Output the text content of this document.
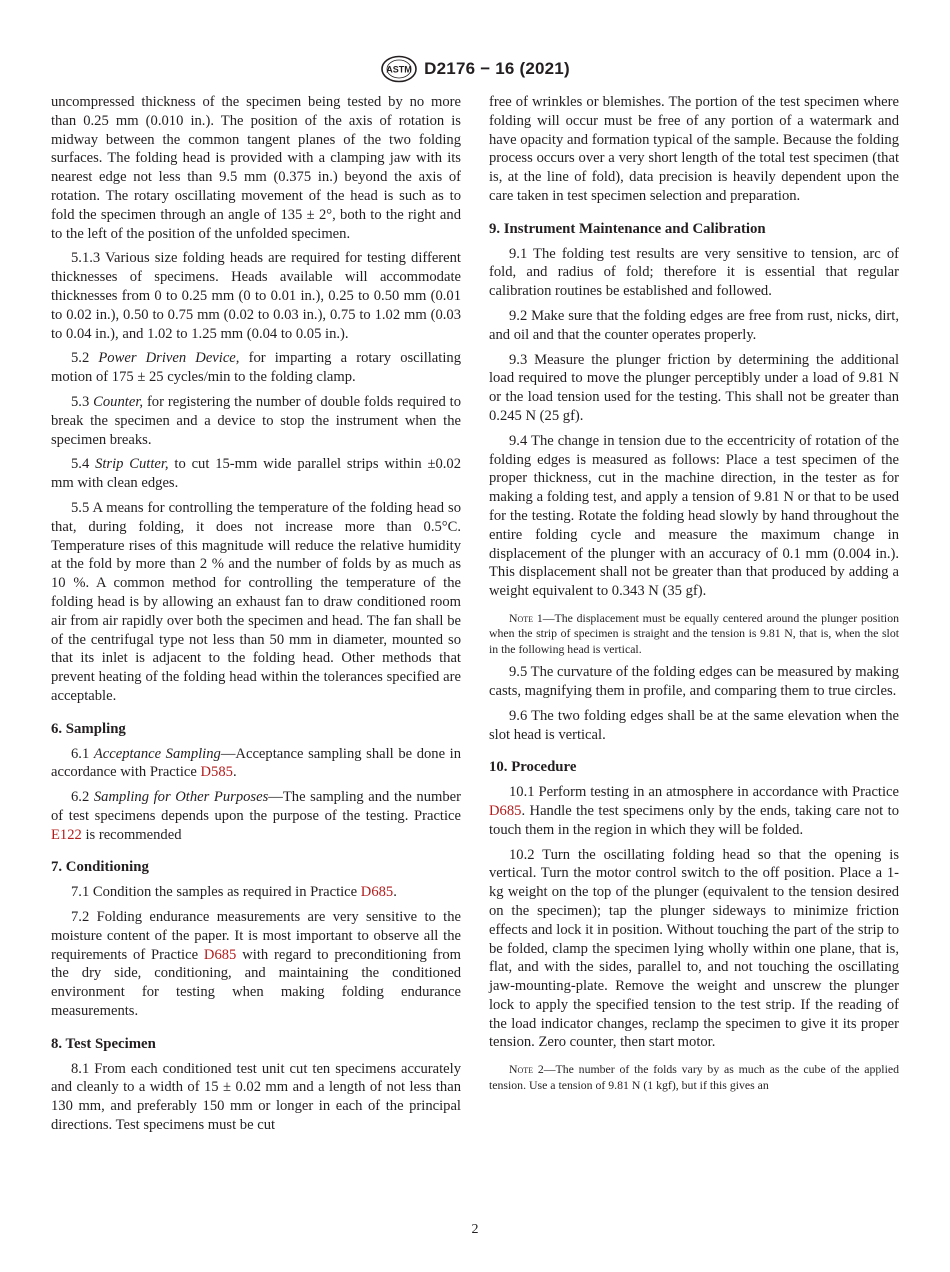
ASTM D2176 − 16 (2021)

uncompressed thickness of the specimen being tested by no more than 0.25 mm (0.010 in.). The position of the axis of rotation is midway between the common tangent planes of the two folding surfaces. The folding head is provided with a clamping jaw with its nearest edge not less than 9.5 mm (0.375 in.) beyond the axis of rotation. The rotary oscillating movement of the head is such as to fold the specimen through an angle of 135 ± 2°, both to the right and to the left of the position of the unfolded specimen.

5.1.3 Various size folding heads are required for testing different thicknesses of specimens. Heads available will accommodate thicknesses from 0 to 0.25 mm (0 to 0.01 in.), 0.25 to 0.50 mm (0.01 to 0.02 in.), 0.50 to 0.75 mm (0.02 to 0.03 in.), 0.75 to 1.02 mm (0.03 to 0.04 in.), and 1.02 to 1.25 mm (0.04 to 0.05 in.).

5.2 Power Driven Device, for imparting a rotary oscillating motion of 175 ± 25 cycles/min to the folding clamp.

5.3 Counter, for registering the number of double folds required to break the specimen and a device to stop the instrument when the specimen breaks.

5.4 Strip Cutter, to cut 15-mm wide parallel strips within ±0.02 mm with clean edges.

5.5 A means for controlling the temperature of the folding head so that, during folding, it does not increase more than 0.5°C. Temperature rises of this magnitude will reduce the relative humidity at the fold by more than 2 % and the number of folds by as much as 10 %. A common method for controlling the temperature of the folding head is by allowing an exhaust fan to draw conditioned room air from air rapidly over both the specimen and head. The fan shall be of the centrifugal type not less than 50 mm in diameter, mounted so that its inlet is adjacent to the folding head. Other methods that prevent heating of the folding head within the tolerances specified are acceptable.

6. Sampling

6.1 Acceptance Sampling—Acceptance sampling shall be done in accordance with Practice D585.

6.2 Sampling for Other Purposes—The sampling and the number of test specimens depends upon the purpose of the testing. Practice E122 is recommended

7. Conditioning

7.1 Condition the samples as required in Practice D685.

7.2 Folding endurance measurements are very sensitive to the moisture content of the paper. It is most important to observe all the requirements of Practice D685 with regard to preconditioning from the dry side, conditioning, and maintaining the conditioned environment for testing when making folding endurance measurements.

8. Test Specimen

8.1 From each conditioned test unit cut ten specimens accurately and cleanly to a width of 15 ± 0.02 mm and a length of not less than 130 mm, and preferably 150 mm or longer in each of the principal directions. Test specimens must be cut

free of wrinkles or blemishes. The portion of the test specimen where folding will occur must be free of any portion of a watermark and have opacity and formation typical of the sample. Because the folding process occurs over a very short length of the total test specimen (that is, at the line of fold), data precision is heavily dependent upon the care taken in test specimen selection and preparation.

9. Instrument Maintenance and Calibration

9.1 The folding test results are very sensitive to tension, arc of fold, and radius of fold; therefore it is essential that regular calibration routines be established and followed.

9.2 Make sure that the folding edges are free from rust, nicks, dirt, and oil and that the counter operates properly.

9.3 Measure the plunger friction by determining the additional load required to move the plunger perceptibly under a load of 9.81 N or the load tension used for the testing. This shall not be greater than 0.245 N (25 gf).

9.4 The change in tension due to the eccentricity of rotation of the folding edges is measured as follows: Place a test specimen of the proper thickness, cut in the machine direction, in the tester as for making a folding test, and apply a tension of 9.81 N or that to be used for the testing. Rotate the folding head slowly by hand throughout the entire folding cycle and measure the maximum change in displacement of the plunger with an accuracy of 0.1 mm (0.004 in.). This displacement shall not be greater than that produced by adding a weight equivalent to 0.343 N (35 gf).

Note 1—The displacement must be equally centered around the plunger position when the strip of specimen is straight and the tension is 9.81 N, that is, when the slot in the following head is vertical.

9.5 The curvature of the folding edges can be measured by making casts, magnifying them in profile, and comparing them to true circles.

9.6 The two folding edges shall be at the same elevation when the slot head is vertical.

10. Procedure

10.1 Perform testing in an atmosphere in accordance with Practice D685. Handle the test specimens only by the ends, taking care not to touch them in the region in which they will be folded.

10.2 Turn the oscillating folding head so that the opening is vertical. Turn the motor control switch to the off position. Place a 1-kg weight on the top of the plunger (equivalent to the tension desired on the specimen); tap the plunger sideways to minimize friction effects and lock it in position. Without touching the part of the strip to be folded, clamp the specimen lying wholly within one plane, that is, flat, and with the sides, parallel to, and not touching the oscillating jaw-mounting-plate. Remove the weight and unscrew the plunger lock to apply the specified tension to the test strip. If the reading of the load indicator changes, reclamp the specimen to give it its proper tension. Zero counter, then start motor.

Note 2—The number of the folds vary by as much as the cube of the applied tension. Use a tension of 9.81 N (1 kgf), but if this gives an

2
